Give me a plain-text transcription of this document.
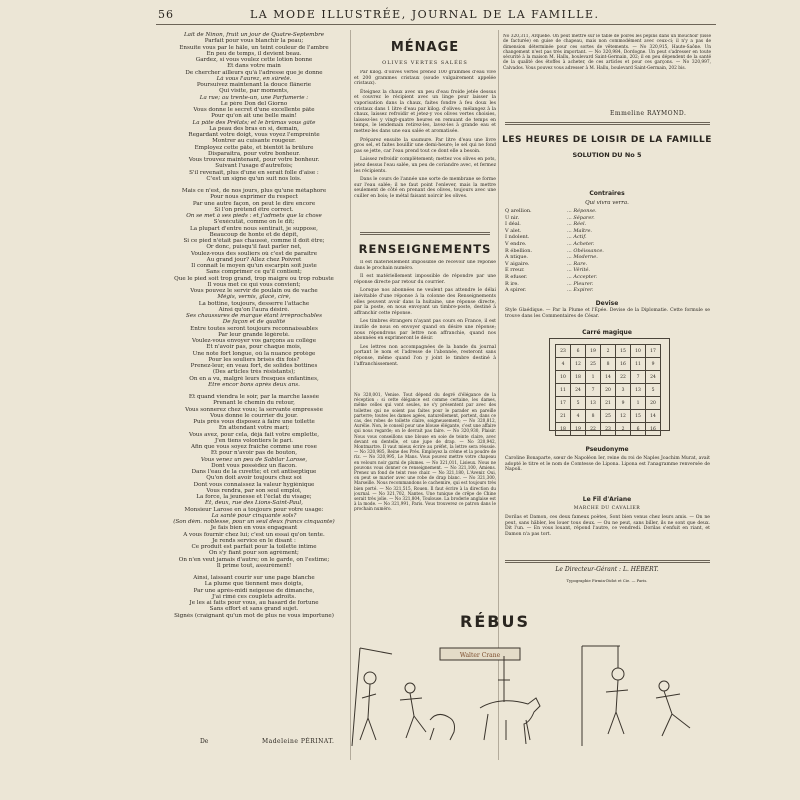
56	LA MODE ILLUSTRÉE, JOURNAL DE LA FAMILLE.
Lait de Ninon, fruit un jour de Quatre-Septembre
Parfait pour vous blanchir la peau;
Ensuite vous par le hâle, un teint couleur de l'ambre
En peu de temps, il devient beau.
Gardez, si vous voulez cette lotion bonne
Et dans votre main
De chercher ailleurs qu'à l'adresse que je donne
Là vous l'aurez, en sûreté.
Poursuivez maintenant la douce flânerie
Qui visite, par moments,
La rue; au trente-un, une Parfumerie :
Le père Don del Giorno
Vous donne le secret d'une excellente pâte
Pour qu'on ait une belle main!
La pâte des Prélats; et le brûmas vous gâte
La peau des bras en si, demain,
Regardant votre doigt, vous voyez l'empreinte
Montrer au cuisante rougeur.
Employez cette pâte, et bientôt la brûlure
Disparaîtra, pour votre bonheur.
Vous trouvez maintenant, pour votre bonheur.
Suivant l'usage d'autrefois;
S'il revenait, plus d'une en serait folle d'aise :
C'est un signe qu'un suit nos lois.
Mais ce n'est, de nos jours, plus qu'une métaphore
Pour nous exprimer du respect
Par une autre façon, on peut le dire encore
Si l'on prétend être correct.
On se met à ses pieds : et j'admets que la chose
S'exécutât, comme on le dit;
La plupart d'entre nous sentirait, je suppose,
Beaucoup de honte et de dépit,
Si ce pied n'était pas chaussé, comme il doit être;
Or donc, puisqu'il faut parler net,
Voulez-vous des souliers où c'est de paraître
Au grand jour? Allez chez Poivret
Il connaît le moyen qu'un escarpin soit juste
Sans comprimer ce qu'il contient;
Que le pied soit trop grand, trop maigre ou trop robuste
Il vous met ce qui vous convient;
Vous pouvez le servir de poulain ou de vache
Mégis, vernis, glacé, ciré,
La bottine, toujours, desserre l'attache
Ainsi qu'on l'aura désiré.
Ses chaussures de marque étant irréprochables
De façon et de qualité
Entre toutes seront toujours reconnaissables
Par leur grande légèreté.
Voulez-vous envoyer vos garçons au collège
Et n'avoir pas, pour chaque mois,
Une note fort longue, où la nuance protège
Pour les souliers brisés dix fois?
Prenez-leur, en veau fort, de solides bottines
(Des articles très résistants);
On en a vu, malgré leurs fresques enfantines,
Être encor bons après deux ans.
Et quand viendra le soir, par la marche lassée
Prenant le chemin du retour,
Vous sonnerez chez vous; la servante empressée
Vous donne le courrier du jour.
Puis près vous disposez à faire une toilette
En attendant votre mari;
Vous avez, pour cela, déjà fait votre emplette,
J'en tiens volontiers le pari.
Afin que vous soyez fraîche comme une rose
Et pour n'avoir pas de bouton,
Vous venez un peu de Sabilar Larose,
Dont vous possédez un flacon.
Dans l'eau de la cuvette; et cet antiseptique
Qu'on doit avoir toujours chez soi
Dont vous connaissez la valeur hygiénique
Vous rendra, par son seul emploi,
La force, la jeunesse et l'éclat du visage;
Et, deux, rue des Lions-Saint-Paul,
Monsieur Larose en a toujours pour votre usage:
La santé pour cinquante sols?
(Son dém. noblesse, pour un seul deux francs cinquante)
Je fais bien en vous engageant
A vous fournir chez lui; c'est un essai qu'on tente.
Je rends service en le disant :
Ce produit est parfait pour la toilette intime
On s'y fiant pour son agrément;
On n'en veut jamais d'autre; on le garde, on l'estime;
Il prime tout, assurément!
Ainsi, laissant courir sur une page blanche
La plume que tiennent mes doigts,
Par une après-midi neigeuse de dimanche,
J'ai rimé ces couplets adroits.
Je les ai faits pour vous, au hasard de fortune
Sans effort et sans grand sujet.
Signés (craignant qu'un mot de plus ne vous importune)
De	Madeleine PÉRINAT.
MÉNAGE
OLIVES VERTES SALÉES

Par kilog. d'olives vertes prenez 100 grammes d'eau vive et 200 grammes cristaux (soude vulgairement appelée cristaux).

Éteignez la chaux avec un peu d'eau froide jetée dessus et couvrez le récipient avec un linge pour laisser la vaporisation dans la chaux, faites fondre à feu doux les cristaux dans 1 litre d'eau par kilog. d'olives; mélangez à la chaux, laissez refroidir et jetez-y vos olives vertes choisies, laissez-les y vingt-quatre heures en remuant de temps en temps, le lendemain retirez-les, lavez-les à grande eau et mettez-les dans une eau salée et aromatisée.

Préparez ensuite la saumure. Par litre d'eau une livre gros sel, et faites bouillir une demi-heure; le sel qui ne fond pas se jette, car l'eau prend tout ce dont elle a besoin.

Laissez refroidir complètement; mettez vos olives en pots, jetez dessus l'eau salée, un peu de coriandre avec, et fermez les récipients.

Dans le cours de l'année une sorte de membrane se forme sur l'eau salée; il ne faut point l'enlever, mais la mettre seulement de côté en prenant des olives, toujours avec une cuiller en bois; le métal faisant noircir les olives.

RENSEIGNEMENTS

Il est matériellement impossible de recevoir une réponse dans le prochain numéro.

Il est matériellement impossible de répondre par une réponse directe par retour du courrier.

Lorsque nos abonnées ne veulent pas attendre le délai inévitable d'une réponse à la colonne des Renseignements elles peuvent avoir dans la huitaine, une réponse directe, par la poste, en nous envoyant un timbre-poste, destiné à affranchir cette réponse.

Les timbres étrangers n'ayant pas cours en France, il est inutile de nous en envoyer quand on désire une réponse; nous répondrons par lettre non affranchie, quand nos abonnées en exprimeront le désir.

Les lettres non accompagnées de la bande du journal portant le nom et l'adresse de l'abonnée, resteront sans réponse, même quand l'on y joint le timbre destiné à l'affranchissement.

No 320,001, Venise. Tout dépend du degré d'élégance de la réception : si cette élégance est comme certaine, les dames, même celles qui vont seules, ne s'y présentent par avec des toilettes qui ne soient pas faites pour le parader en pareille parterre; toutes les dames agées, naturellement, portent, dans ce cas, des robes de toilette claire, soigneusement; — No 320,812, Aurélie. Non, le conseil pour une blouse élégante, c'est une affaire qui nous regarde; on le devrait pas faire. — No 320,930, Plaisir. Nous vous conseillons une blouse en soie de teinte claire, avec devant en dentelle, et une jupe de drap. — No 320,942, Montmartre. Il vaut mieux écrire au préfet, la lettre sera réussie. — No 320,985, Reine des Prés. Employez la crème et la poudre de riz. — No 320,995, Le Mans. Vous pouvez mettre votre chapeau en velours noir garni de plumes. — No 321,011, Lisieux. Nous ne pouvons vous donner ce renseignement. — No 321,100, Amiens. Prenez un fond de teint rose chair. — No 321,180, L'Avenir. Oui, on peut se marier avec une robe de drap blanc. — No 321,300, Marseille. Nous recommandons le cachemire, qui est toujours très bien porté. — No 321,515, Rouen. Il faut écrire à la direction du journal. — No 321,702, Nantes. Une tunique de crêpe de Chine serait très jolie. — No 321,804, Toulouse. La broderie anglaise est à la mode. — No 321,991, Paris. Vous trouverez ce patron dans le prochain numéro.
No 320,311, Arquebe. On peut mettre sur le table de poires les pépins dans un mouchoir (lisse de facturée) en guise de chapeau, mais non commodément avec ceux-ci; il n'y a pas de dimension déterminée pour ces sortes de vêtements. — No 320,915, Haute-Saône. Un changement n'est pas très important. — No 320,984, Dordogne. Un peut s'adresser en toute sécurité à la maison M. Hallu, boulevard Saint-Germain, 202; il en peu dépendent de la santé de la qualité des étoffes à acheter, de ces articles et pour ces garçons. — No 320,997, Calvados. Vous pouvez vous adresser à M. Hallu, boulevard Saint-Germain, 202 bis.
Emmeline RAYMOND.
LES HEURES DE LOISIR DE LA FAMILLE
SOLUTION DU No 5
Contraires
Qui vivra verra.
Q arellion.	... Réponse.
U nir.	... Séparer.
I déal.	... Réel.
V alet.	... Maître.
I ndolent.	... Actif.
V endre.	... Acheter.
R ébellion.	... Obéissance.
A ntique.	... Moderne.
V aigaire.	... Rare.
E rreur.	... Vérité.
R efuser.	... Accepter.
R ire.	... Pleurer.
A spirer.	... Expirer.
Devise
Style Glaédique. — Par la Plume et l'Épée. Devise de la Diplomatie. Cette formule se trouve dans les Commentaires de César.
Carré magique
23	6	19	2	15	10	17
4	12	25	8	16	11	9
10	18	1	14	22	7	24
11	24	7	20	3	13	5
17	5	13	21	9	1	20
21	4	8	25	12	15	14
18	19	22	23	2	6	16
Pseudonyme
Caroline Bonaparte, sœur de Napoléon Ier, reine du roi de Naples Joachim Murat, avait adopté le titre et le nom de Comtesse de Lipona. Lipona est l'anagramme renversée de Napoli.
Le Fil d'Ariane
MARCHE DU CAVALIER
Dorilas et Damon, ces deux fameux poètes, Sont bien venus chez leurs amis. — On ne peut, sans hâbler, les louer tous deux. — Ou ne peut, sans biller, ils ne sont que deux. Dit l'un. — En vous louant, répond l'autre, ce vendredi. Dorilas s'enfuit en riant, et Damon n'a pas tort.
Le Directeur-Gérant : L. HÉBERT.
Typographie Firmin-Didot et Cie. — Paris.
RÉBUS
Walter Crane
